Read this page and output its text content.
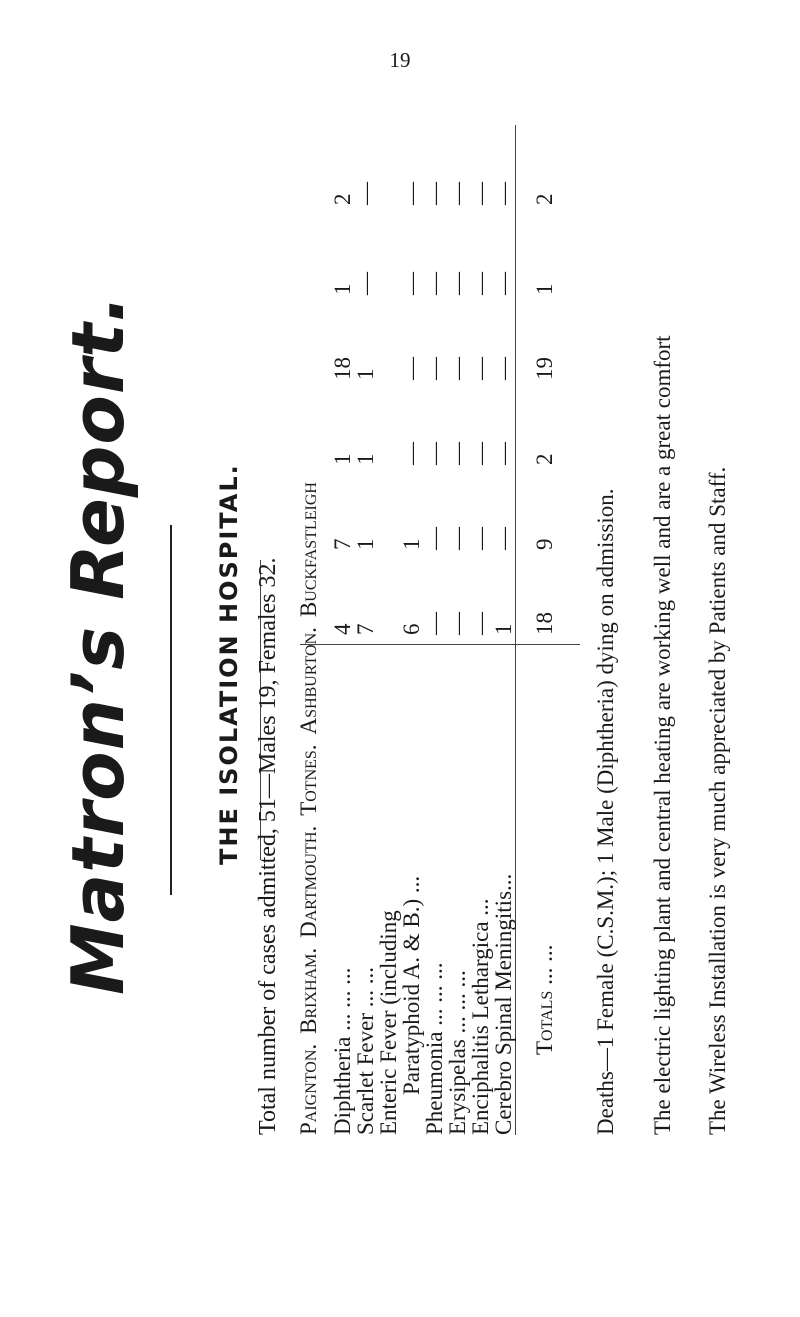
19
Matron’s Report.	THE ISOLATION HOSPITAL. Total number of cases admitted, 51—Males 19, Females 32. Paignton.Brixham.Dartmouth.Totnes.Ashburton.Buckfastleigh
Diphtheria ... ... ...
4
7
1
18
1
2
Scarlet Fever ... ...
7
1
1
1
—
—
Enteric Fever (including
Paratyphoid A. & B.) ...
6
1
—
—
—
—
Pheumonia ... ... ...
—
—
—
—
—
—
Erysipelas ... ... ...
—
—
—
—
—
—
Enciphalitis Lethargica ...
—
—
—
—
—
—
Cerebro Spinal Meningitis...
1
—
—
—
—
—
Totals ... ...
18
9
2
19
1
2
Deaths—1 Female (C.S.M.); 1 Male (Diphtheria) dying on admission. The electric lighting plant and central heating are working well and are a great comfort The Wireless Installation is very much appreciated by Patients and Staff.
